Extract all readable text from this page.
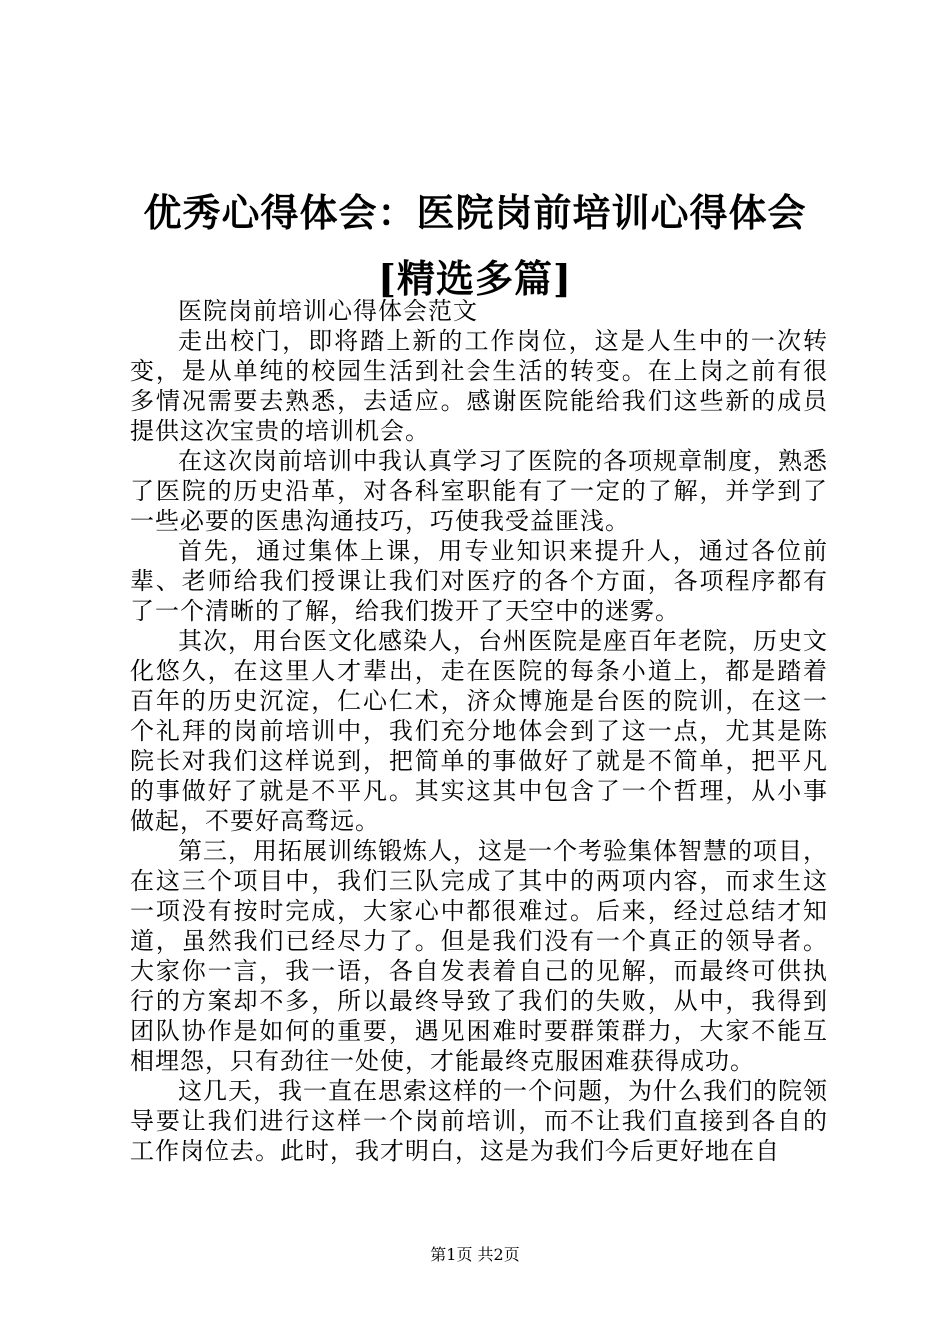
优秀心得体会：医院岗前培训心得体会[精选多篇]

医院岗前培训心得体会范文

走出校门，即将踏上新的工作岗位，这是人生中的一次转变，是从单纯的校园生活到社会生活的转变。在上岗之前有很多情况需要去熟悉，去适应。感谢医院能给我们这些新的成员提供这次宝贵的培训机会。

在这次岗前培训中我认真学习了医院的各项规章制度，熟悉了医院的历史沿革，对各科室职能有了一定的了解，并学到了一些必要的医患沟通技巧，巧使我受益匪浅。

首先，通过集体上课，用专业知识来提升人，通过各位前辈、老师给我们授课让我们对医疗的各个方面，各项程序都有了一个清晰的了解，给我们拨开了天空中的迷雾。

其次，用台医文化感染人，台州医院是座百年老院，历史文化悠久，在这里人才辈出，走在医院的每条小道上，都是踏着百年的历史沉淀，仁心仁术，济众博施是台医的院训，在这一个礼拜的岗前培训中，我们充分地体会到了这一点，尤其是陈院长对我们这样说到，把简单的事做好了就是不简单，把平凡的事做好了就是不平凡。其实这其中包含了一个哲理，从小事做起，不要好高骛远。

第三，用拓展训练锻炼人，这是一个考验集体智慧的项目，在这三个项目中，我们三队完成了其中的两项内容，而求生这一项没有按时完成，大家心中都很难过。后来，经过总结才知道，虽然我们已经尽力了。但是我们没有一个真正的领导者。大家你一言，我一语，各自发表着自己的见解，而最终可供执行的方案却不多，所以最终导致了我们的失败，从中，我得到团队协作是如何的重要，遇见困难时要群策群力，大家不能互相埋怨，只有劲往一处使，才能最终克服困难获得成功。

这几天，我一直在思索这样的一个问题，为什么我们的院领导要让我们进行这样一个岗前培训，而不让我们直接到各自的工作岗位去。此时，我才明白，这是为我们今后更好地在自

第1页 共2页
